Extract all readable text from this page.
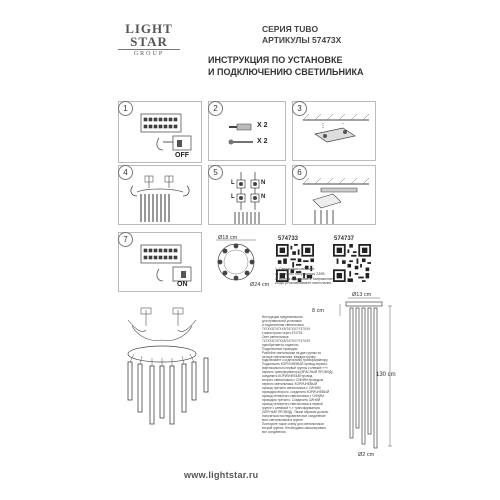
LIGHT
STAR
GROUP
СЕРИЯ TUBO
АРТИКУЛЫ 57473X
ИНСТРУКЦИЯ ПО УСТАНОВКЕ
И ПОДКЛЮЧЕНИЮ СВЕТИЛЬНИКА
1
OFF
2
X 2
X 2
3
4	5
L	N
L	N
6
7
ON
Ø18 cm
Ø24 cm
574733	574737
1. Светильник работает
от сетевого напряжения 230В.
2. Всегда выключайте напряжение,
когда устанавливаете светильник.
Инструкция предназначена
для правильной установки
и подключения светильника
747XX3/747XX5/747XX7/747XX9
к магистрали через 574733.
Свет светильника
747XX3/747XX5/747XX7/747XX9
приобретается отдельно.
Подключение проводов:
Разбейте светильники на две группы по
четыре светильника. Каждую группу
подключайте к отдельному трансформатору.
Подключить КОРИЧНЕВЫЙ провод первого
(вертикального первой группы к клемме «+»
первого трансформатора (КРАСНЫЙ ПРОВОД),
соединить КОРИЧНЕВЫЙ провод
второго светильника с СИНИМ проводом
первого светильника, КОРИЧНЕВЫЙ
провод третьего светильника с СИНИМ
проводом второго, соединить КОРИЧНЕВЫЙ
провод четвертого светильника с СИНИМ
проводом третьего. Соединить СИНИЙ
провод четвертого светильника в первой
группе с клеммой «-» трансформатора
(ЧЕРНЫЙ ПРОВОД). Таким образом должно
получиться последовательное соединение
всех светильников в группе.
Повторите такое схему для светильников
второй группы. Необходимо заизолировать
все соединения.
Ø13 cm
Ø2 cm
8 cm
130 cm
www.lightstar.ru
